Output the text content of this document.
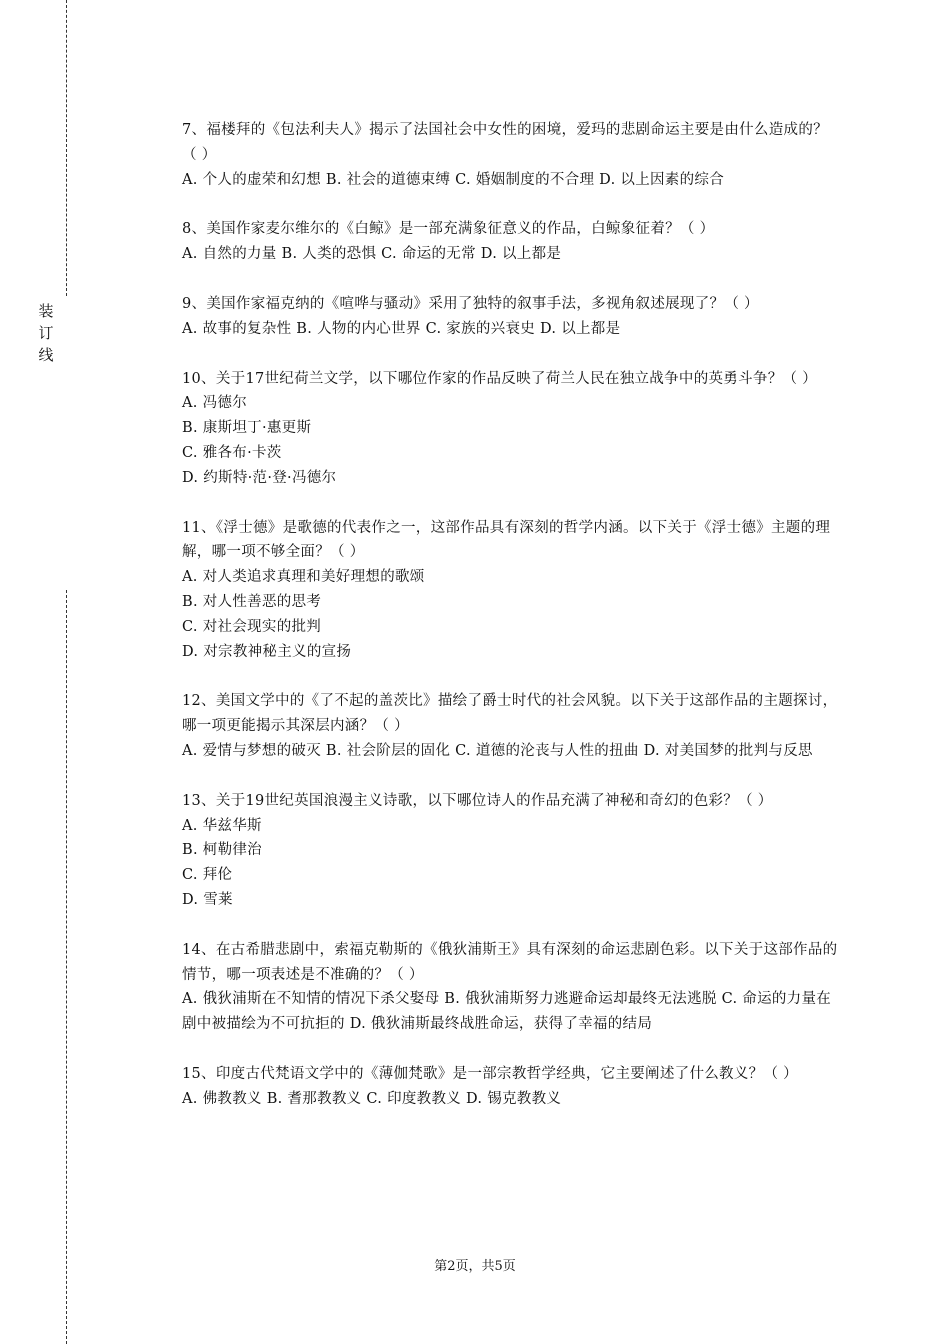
装
订
线

7、福楼拜的《包法利夫人》揭示了法国社会中女性的困境，爱玛的悲剧命运主要是由什么造成的？（ ）

A. 个人的虚荣和幻想 B. 社会的道德束缚 C. 婚姻制度的不合理 D. 以上因素的综合

8、美国作家麦尔维尔的《白鲸》是一部充满象征意义的作品，白鲸象征着？（ ）

A. 自然的力量 B. 人类的恐惧 C. 命运的无常 D. 以上都是

9、美国作家福克纳的《喧哗与骚动》采用了独特的叙事手法，多视角叙述展现了？（ ）

A. 故事的复杂性 B. 人物的内心世界 C. 家族的兴衰史 D. 以上都是

10、关于17世纪荷兰文学，以下哪位作家的作品反映了荷兰人民在独立战争中的英勇斗争？（ ）

A. 冯德尔

B. 康斯坦丁·惠更斯

C. 雅各布·卡茨

D. 约斯特·范·登·冯德尔

11、《浮士德》是歌德的代表作之一，这部作品具有深刻的哲学内涵。以下关于《浮士德》主题的理解，哪一项不够全面？（ ）

A. 对人类追求真理和美好理想的歌颂

B. 对人性善恶的思考

C. 对社会现实的批判

D. 对宗教神秘主义的宣扬

12、美国文学中的《了不起的盖茨比》描绘了爵士时代的社会风貌。以下关于这部作品的主题探讨，哪一项更能揭示其深层内涵？（ ）

A. 爱情与梦想的破灭 B. 社会阶层的固化 C. 道德的沦丧与人性的扭曲 D. 对美国梦的批判与反思

13、关于19世纪英国浪漫主义诗歌，以下哪位诗人的作品充满了神秘和奇幻的色彩？（ ）

A. 华兹华斯

B. 柯勒律治

C. 拜伦

D. 雪莱

14、在古希腊悲剧中，索福克勒斯的《俄狄浦斯王》具有深刻的命运悲剧色彩。以下关于这部作品的情节，哪一项表述是不准确的？（ ）

A. 俄狄浦斯在不知情的情况下杀父娶母 B. 俄狄浦斯努力逃避命运却最终无法逃脱 C. 命运的力量在剧中被描绘为不可抗拒的 D. 俄狄浦斯最终战胜命运，获得了幸福的结局

15、印度古代梵语文学中的《薄伽梵歌》是一部宗教哲学经典，它主要阐述了什么教义？（ ）

A. 佛教教义 B. 耆那教教义 C. 印度教教义 D. 锡克教教义

第2页，共5页
